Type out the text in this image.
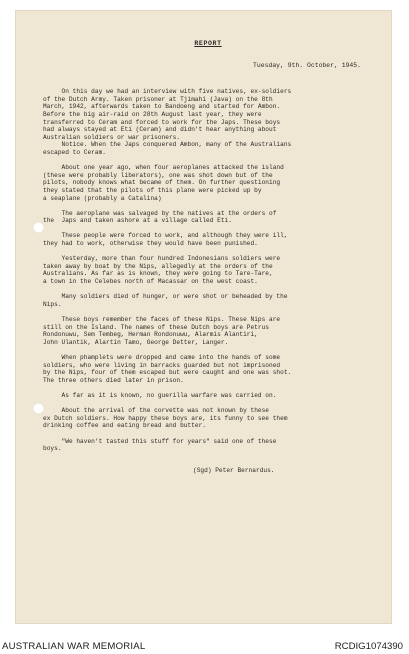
REPORT
Tuesday, 9th. October, 1945.
On this day we had an interview with five natives, ex-soldiers
of the Dutch Army. Taken prisoner at Tjimahi (Java) on the 8th
March, 1942, afterwards taken to Bandoeng and started for Ambon.
Before the big air-raid on 28th August last year, they were
transferred to Ceram and forced to work for the Japs. These boys
had always stayed at Eti (Ceram) and didn't hear anything about
Australian soldiers or war prisoners.
Notice. When the Japs conquered Ambon, many of the Australians
escaped to Ceram.
About one year ago, when four aeroplanes attacked the island
(these were probably liberators), one was shot down but of the
pilots, nobody knows what became of them. On further questioning
they stated that the pilots of this plane were picked up by
a seaplane (probably a Catalina)
The aeroplane was salvaged by the natives at the orders of
the  Japs and taken ashore at a village called Eti.
These people were forced to work, and although they were ill,
they had to work, otherwise they would have been punished.
Yesterday, more than four hundred Indonesians soldiers were
taken away by boat by the Nips, allegedly at the orders of the
Australians. As far as is known, they were going to Tare-Tare,
a town in the Celebes north of Macassar on the west coast.
Many soldiers died of hunger, or were shot or beheaded by the
Nips.
These boys remember the faces of these Nips. These Nips are
still on the Island. The names of these Dutch boys are Petrus
Rondonuwu, Sem Tembeg, Herman Rondonuwu, Alarmis Alantiri,
John Ulantik, Alartin Tamo, George Detter, Langer.
When phamplets were dropped and came into the hands of some
soldiers, who were living in barracks guarded but not imprisoned
by the Nips, four of them escaped but were caught and one was shot.
The three others died later in prison.
As far as it is known, no guerilla warfare was carried on.
About the arrival of the corvette was not known by these
ex Dutch soldiers. How happy these boys are, its funny to see them
drinking coffee and eating bread and butter.
"We haven't tasted this stuff for years" said one of these
boys.
(Sgd) Peter Bernardus.
AUSTRALIAN WAR MEMORIAL	RCDIG1074390
